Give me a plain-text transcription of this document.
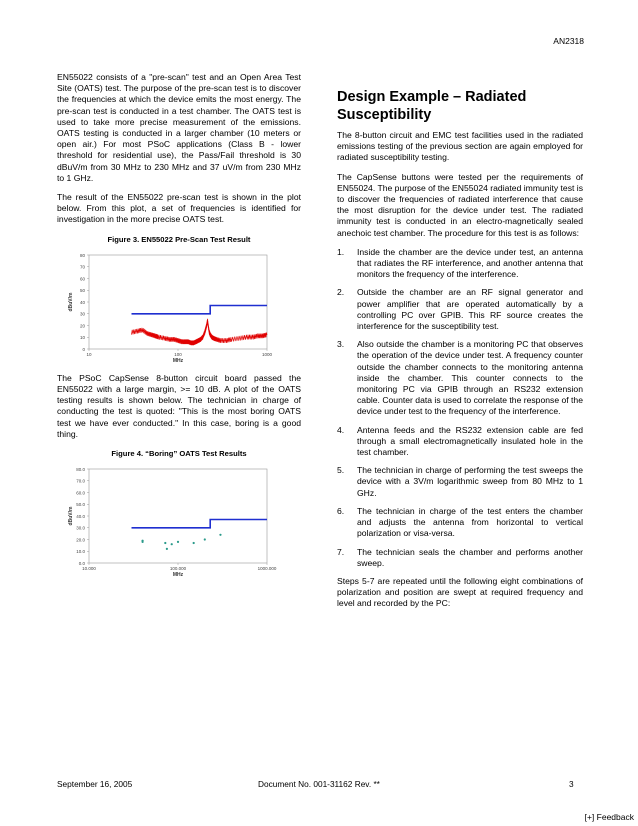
AN2318

EN55022 consists of a "pre-scan" test and an Open Area Test Site (OATS) test. The purpose of the pre-scan test is to discover the frequencies at which the device emits the most energy. The pre-scan test is conducted in a test chamber. The OATS test is used to take more precise measurement of the emissions. OATS testing is conducted in a larger chamber (10 meters or open air.) For most PSoC applications (Class B - lower threshold for residential use), the Pass/Fail threshold is 30 dBuV/m from 30 MHz to 230 MHz and 37 uV/m from 230 MHz to 1 GHz.

The result of the EN55022 pre-scan test is shown in the plot below. From this plot, a set of frequencies is identified for investigation in the more precise OATS test.

Figure 3. EN55022 Pre-Scan Test Result
0
10
20
30
40
50
60
70
80
10	100	1000
MHz
dBuV/m

The PSoC CapSense 8-button circuit board passed the EN55022 with a large margin, >= 10 dB. A plot of the OATS testing results is shown below. The technician in charge of conducting the test is quoted: "This is the most boring OATS test we have ever conducted." In this case, boring is a good thing.

Figure 4. “Boring” OATS Test Results
0.0
10.0
20.0
30.0
40.0
50.0
60.0
70.0
80.0
10.000	100.000	1000.000
MHz
dBuV/m
Design Example – Radiated Susceptibility

The 8-button circuit and EMC test facilities used in the radiated emissions testing of the previous section are again employed for radiated susceptibility testing.

The CapSense buttons were tested per the requirements of EN55024. The purpose of the EN55024 radiated immunity test is to discover the frequencies of radiated interference that cause the most disruption for the device under test. The radiated immunity test is conducted in an electro-magnetically sealed anechoic test chamber. The procedure for this test is as follows:

1. Inside the chamber are the device under test, an antenna that radiates the RF interference, and another antenna that monitors the frequency of the interference.
2. Outside the chamber are an RF signal generator and power amplifier that are operated automatically by a controlling PC over GPIB. This RF source creates the interference for the susceptibility test.
3. Also outside the chamber is a monitoring PC that observes the operation of the device under test. A frequency counter outside the chamber connects to the monitoring antenna inside the chamber. This counter connects to the monitoring PC via GPIB through an RS232 extension cable. Counter data is used to correlate the response of the device under test to the frequency of the interference.
4. Antenna feeds and the RS232 extension cable are fed through a small electromagnetically insulated hole in the test chamber.
5. The technician in charge of performing the test sweeps the device with a 3V/m logarithmic sweep from 80 MHz to 1 GHz.
6. The technician in charge of the test enters the chamber and adjusts the antenna from horizontal to vertical polarization or visa-versa.
7. The technician seals the chamber and performs another sweep.

Steps 5-7 are repeated until the following eight combinations of polarization and position are swept at required frequency and level and recorded by the PC:

September 16, 2005	Document No. 001-31162 Rev. **	3
[+] Feedback
